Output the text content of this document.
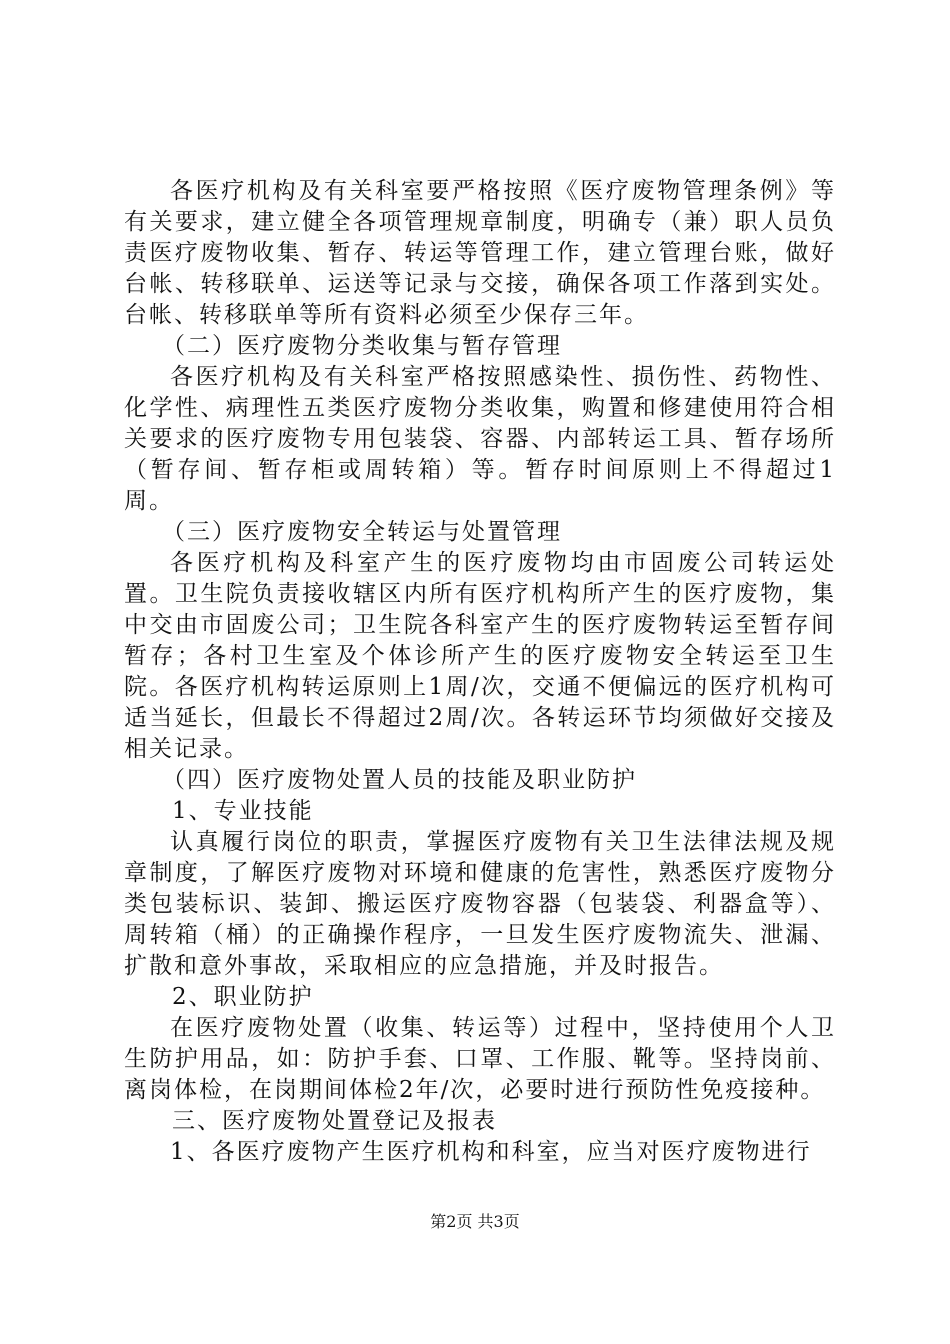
各医疗机构及有关科室要严格按照《医疗废物管理条例》等有关要求，建立健全各项管理规章制度，明确专（兼）职人员负责医疗废物收集、暂存、转运等管理工作，建立管理台账，做好台帐、转移联单、运送等记录与交接，确保各项工作落到实处。台帐、转移联单等所有资料必须至少保存三年。

（二）医疗废物分类收集与暂存管理

各医疗机构及有关科室严格按照感染性、损伤性、药物性、化学性、病理性五类医疗废物分类收集，购置和修建使用符合相关要求的医疗废物专用包装袋、容器、内部转运工具、暂存场所（暂存间、暂存柜或周转箱）等。暂存时间原则上不得超过1周。

（三）医疗废物安全转运与处置管理

各医疗机构及科室产生的医疗废物均由市固废公司转运处置。卫生院负责接收辖区内所有医疗机构所产生的医疗废物，集中交由市固废公司；卫生院各科室产生的医疗废物转运至暂存间暂存；各村卫生室及个体诊所产生的医疗废物安全转运至卫生院。各医疗机构转运原则上1周/次，交通不便偏远的医疗机构可适当延长，但最长不得超过2周/次。各转运环节均须做好交接及相关记录。

（四）医疗废物处置人员的技能及职业防护

1、专业技能

认真履行岗位的职责，掌握医疗废物有关卫生法律法规及规章制度，了解医疗废物对环境和健康的危害性，熟悉医疗废物分类包装标识、装卸、搬运医疗废物容器（包装袋、利器盒等）、周转箱（桶）的正确操作程序，一旦发生医疗废物流失、泄漏、扩散和意外事故，采取相应的应急措施，并及时报告。

2、职业防护

在医疗废物处置（收集、转运等）过程中，坚持使用个人卫生防护用品，如：防护手套、口罩、工作服、靴等。坚持岗前、离岗体检，在岗期间体检2年/次，必要时进行预防性免疫接种。

三、医疗废物处置登记及报表

1、各医疗废物产生医疗机构和科室，应当对医疗废物进行

第2页 共3页
